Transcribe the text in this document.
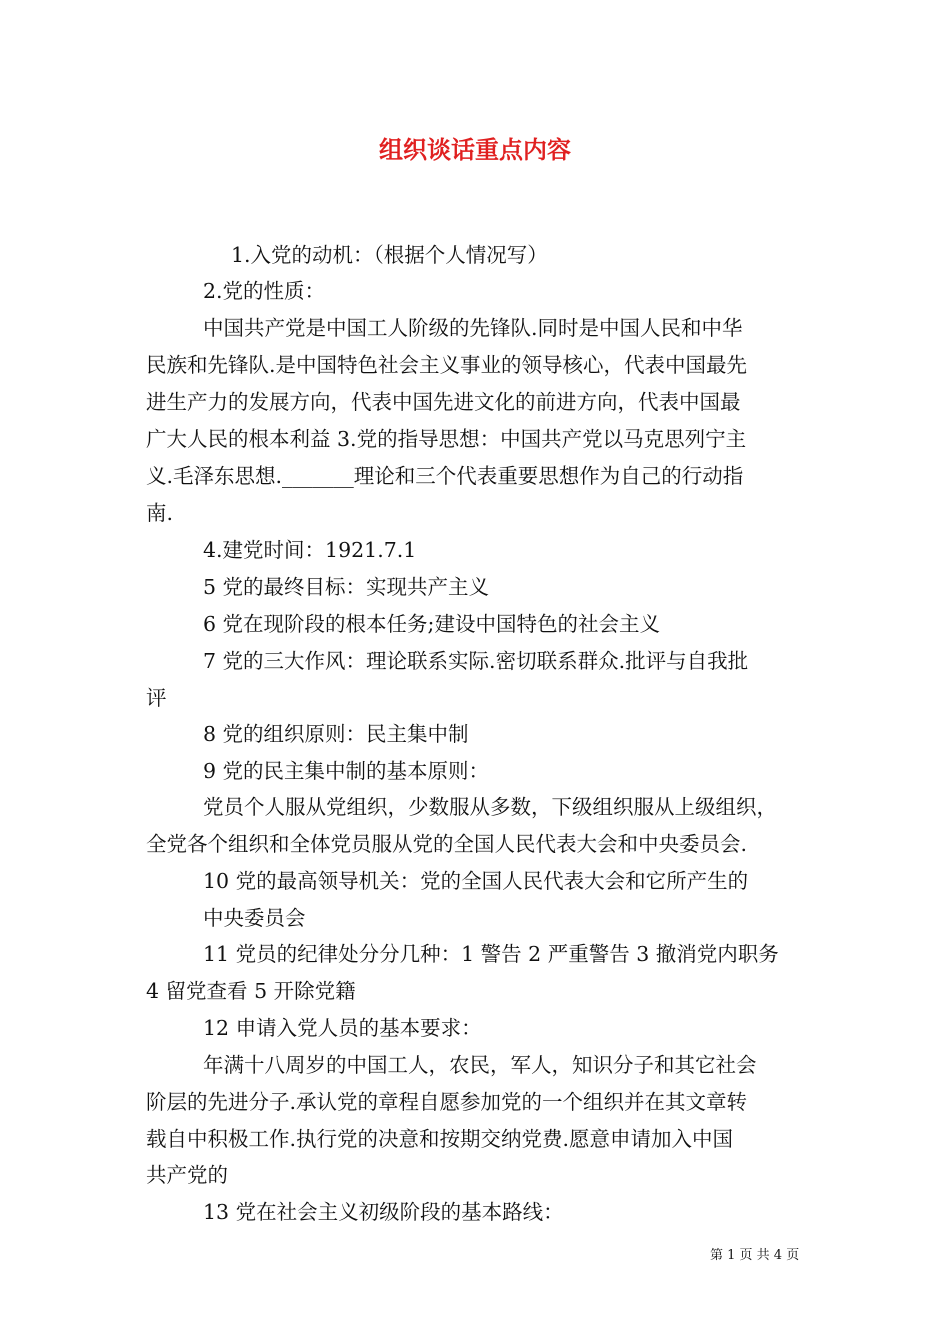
组织谈话重点内容
1.入党的动机：（根据个人情况写）
2.党的性质：
中国共产党是中国工人阶级的先锋队.同时是中国人民和中华
民族和先锋队.是中国特色社会主义事业的领导核心，代表中国最先
进生产力的发展方向，代表中国先进文化的前进方向，代表中国最
广大人民的根本利益 3.党的指导思想：中国共产党以马克思列宁主
义.毛泽东思想._______理论和三个代表重要思想作为自己的行动指
南.
4.建党时间：1921.7.1
5 党的最终目标：实现共产主义
6 党在现阶段的根本任务;建设中国特色的社会主义
7 党的三大作风：理论联系实际.密切联系群众.批评与自我批
评
8 党的组织原则：民主集中制
9 党的民主集中制的基本原则：
党员个人服从党组织，少数服从多数，下级组织服从上级组织，
全党各个组织和全体党员服从党的全国人民代表大会和中央委员会.
10 党的最高领导机关：党的全国人民代表大会和它所产生的
中央委员会
11 党员的纪律处分分几种：1 警告 2 严重警告 3 撤消党内职务
4 留党查看 5 开除党籍
12 申请入党人员的基本要求：
年满十八周岁的中国工人，农民，军人，知识分子和其它社会
阶层的先进分子.承认党的章程自愿参加党的一个组织并在其文章转
载自中积极工作.执行党的决意和按期交纳党费.愿意申请加入中国
共产党的
13 党在社会主义初级阶段的基本路线：
第 1 页 共 4 页
